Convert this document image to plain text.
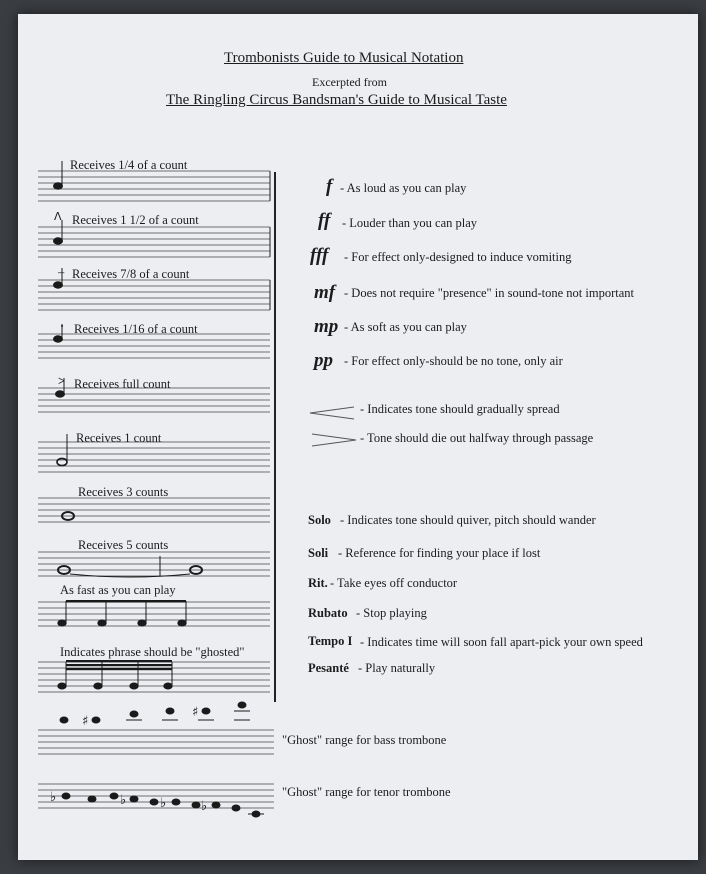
Trombonists Guide to Musical Notation
Excerpted from
The Ringling Circus Bandsman's Guide to Musical Taste
♯
♯
♭	♭	♭	♭
Receives 1/4 of a count
Λ Receives 1 1/2 of a count
– Receives 7/8 of a count
· Receives 1/16 of a count
> Receives full count
Receives 1 count
Receives 3 counts
Receives 5 counts
As fast as you can play
Indicates phrase should be "ghosted"
"Ghost" range for bass trombone
"Ghost" range for tenor trombone
f - As loud as you can play
ff - Louder than you can play
fff - For effect only-designed to induce vomiting
mf - Does not require "presence" in sound-tone not important
mp - As soft as you can play
pp - For effect only-should be no tone, only air
- Indicates tone should gradually spread
- Tone should die out halfway through passage
Solo - Indicates tone should quiver, pitch should wander
Soli - Reference for finding your place if lost
Rit. - Take eyes off conductor
Rubato - Stop playing
Tempo I - Indicates time will soon fall apart-pick your own speed
Pesanté - Play naturally
